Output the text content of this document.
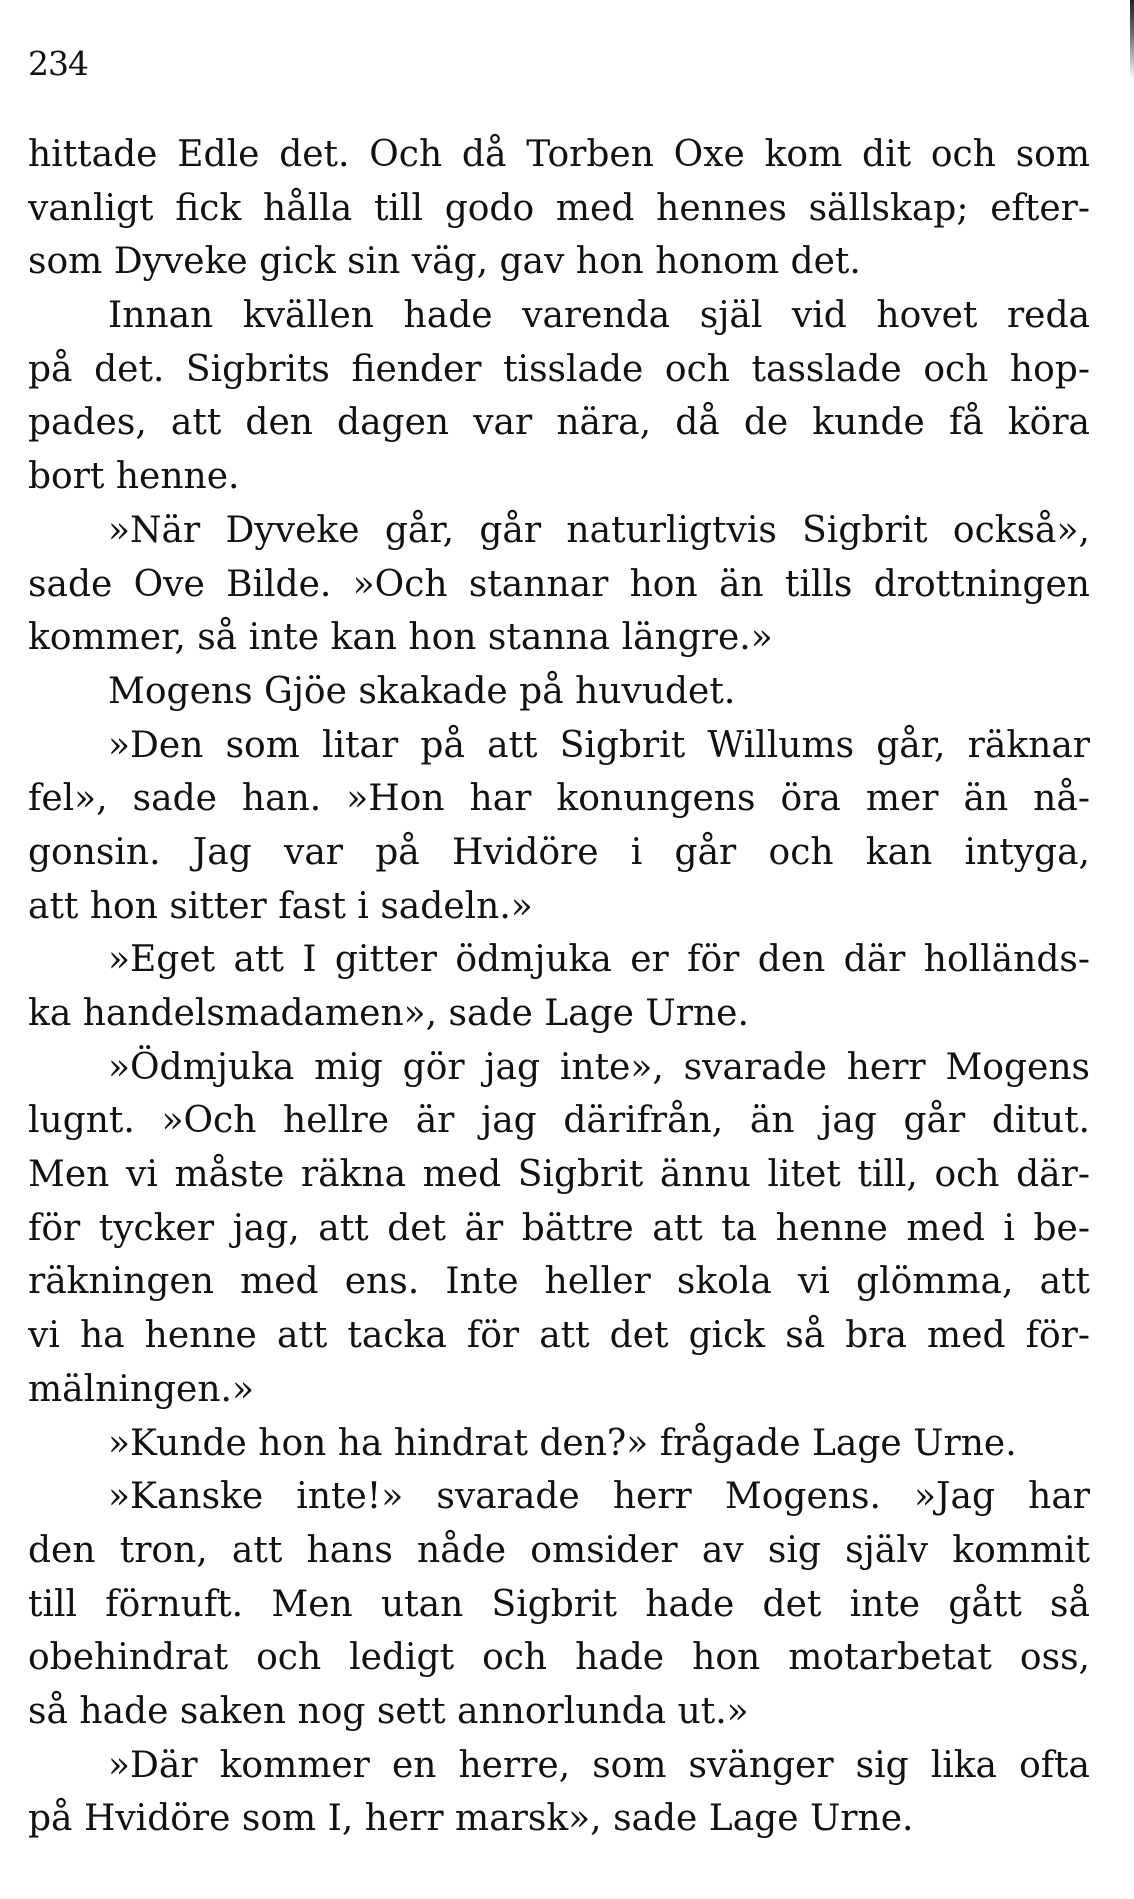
234
hittade Edle det. Och då Torben Oxe kom dit och som
vanligt fick hålla till godo med hennes sällskap; efter-
som Dyveke gick sin väg, gav hon honom det.
Innan kvällen hade varenda själ vid hovet reda
på det. Sigbrits fiender tisslade och tasslade och hop-
pades, att den dagen var nära, då de kunde få köra
bort henne.
»När Dyveke går, går naturligtvis Sigbrit också»,
sade Ove Bilde. »Och stannar hon än tills drottningen
kommer, så inte kan hon stanna längre.»
Mogens Gjöe skakade på huvudet.
»Den som litar på att Sigbrit Willums går, räknar
fel», sade han. »Hon har konungens öra mer än nå-
gonsin. Jag var på Hvidöre i går och kan intyga,
att hon sitter fast i sadeln.»
»Eget att I gitter ödmjuka er för den där holländs-
ka handelsmadamen», sade Lage Urne.
»Ödmjuka mig gör jag inte», svarade herr Mogens
lugnt. »Och hellre är jag därifrån, än jag går ditut.
Men vi måste räkna med Sigbrit ännu litet till, och där-
för tycker jag, att det är bättre att ta henne med i be-
räkningen med ens. Inte heller skola vi glömma, att
vi ha henne att tacka för att det gick så bra med för-
mälningen.»
»Kunde hon ha hindrat den?» frågade Lage Urne.
»Kanske inte!» svarade herr Mogens. »Jag har
den tron, att hans nåde omsider av sig själv kommit
till förnuft. Men utan Sigbrit hade det inte gått så
obehindrat och ledigt och hade hon motarbetat oss,
så hade saken nog sett annorlunda ut.»
»Där kommer en herre, som svänger sig lika ofta
på Hvidöre som I, herr marsk», sade Lage Urne.
